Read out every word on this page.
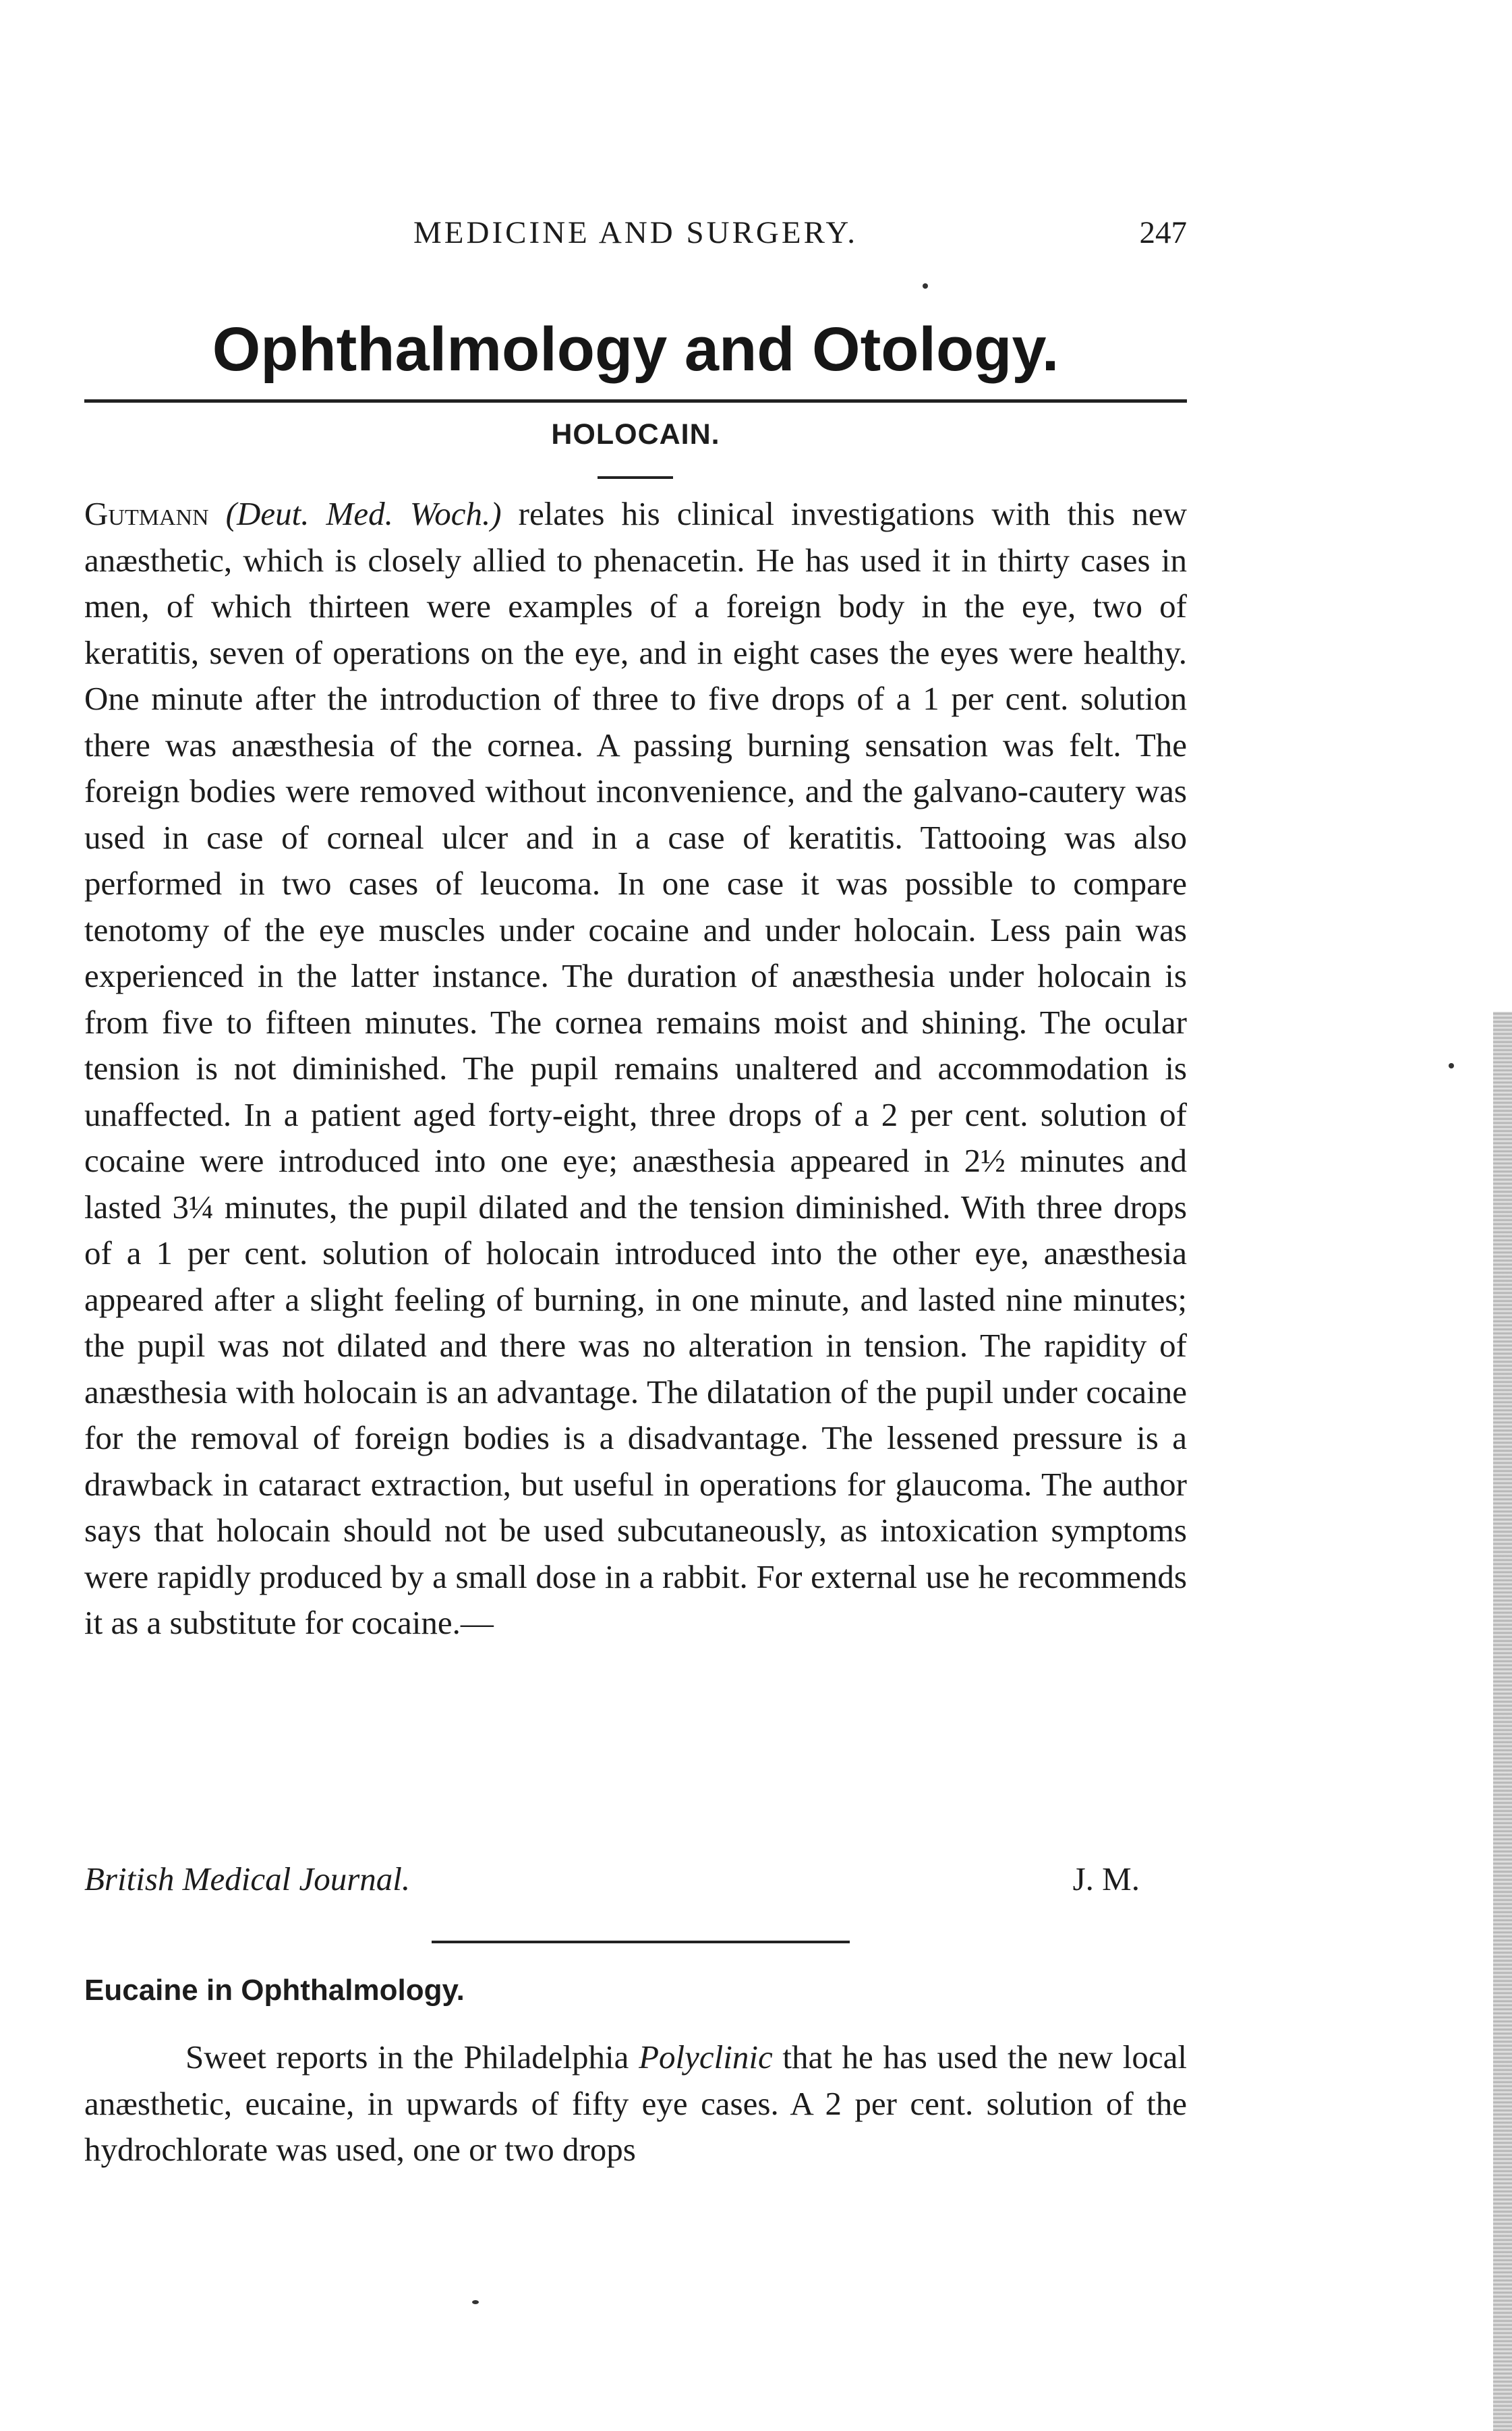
MEDICINE AND SURGERY.	247
Ophthalmology and Otology.
HOLOCAIN.

Gutmann (Deut. Med. Woch.) relates his clinical investigations with this new anæsthetic, which is closely allied to phenacetin. He has used it in thirty cases in men, of which thirteen were examples of a foreign body in the eye, two of keratitis, seven of operations on the eye, and in eight cases the eyes were healthy. One minute after the introduction of three to five drops of a 1 per cent. solution there was anæsthesia of the cornea. A passing burning sensation was felt. The foreign bodies were removed without inconvenience, and the galvano-cautery was used in case of corneal ulcer and in a case of keratitis. Tattooing was also performed in two cases of leucoma. In one case it was possible to compare tenotomy of the eye muscles under cocaine and under holocain. Less pain was experienced in the latter instance. The duration of anæsthesia under holocain is from five to fifteen minutes. The cornea remains moist and shining. The ocular tension is not diminished. The pupil remains unaltered and accommodation is unaffected. In a patient aged forty-eight, three drops of a 2 per cent. solution of cocaine were introduced into one eye; anæsthesia appeared in 2½ minutes and lasted 3¼ minutes, the pupil dilated and the tension diminished. With three drops of a 1 per cent. solution of holocain introduced into the other eye, anæsthesia appeared after a slight feeling of burning, in one minute, and lasted nine minutes; the pupil was not dilated and there was no alteration in tension. The rapidity of anæsthesia with holocain is an advantage. The dilatation of the pupil under cocaine for the removal of foreign bodies is a disadvantage. The lessened pressure is a drawback in cataract extraction, but useful in operations for glaucoma. The author says that holocain should not be used subcutaneously, as intoxication symptoms were rapidly produced by a small dose in a rabbit. For external use he recommends it as a substitute for cocaine.—

British Medical Journal.	J. M.
Eucaine in Ophthalmology.

Sweet reports in the Philadelphia Polyclinic that he has used the new local anæsthetic, eucaine, in upwards of fifty eye cases. A 2 per cent. solution of the hydrochlorate was used, one or two drops
